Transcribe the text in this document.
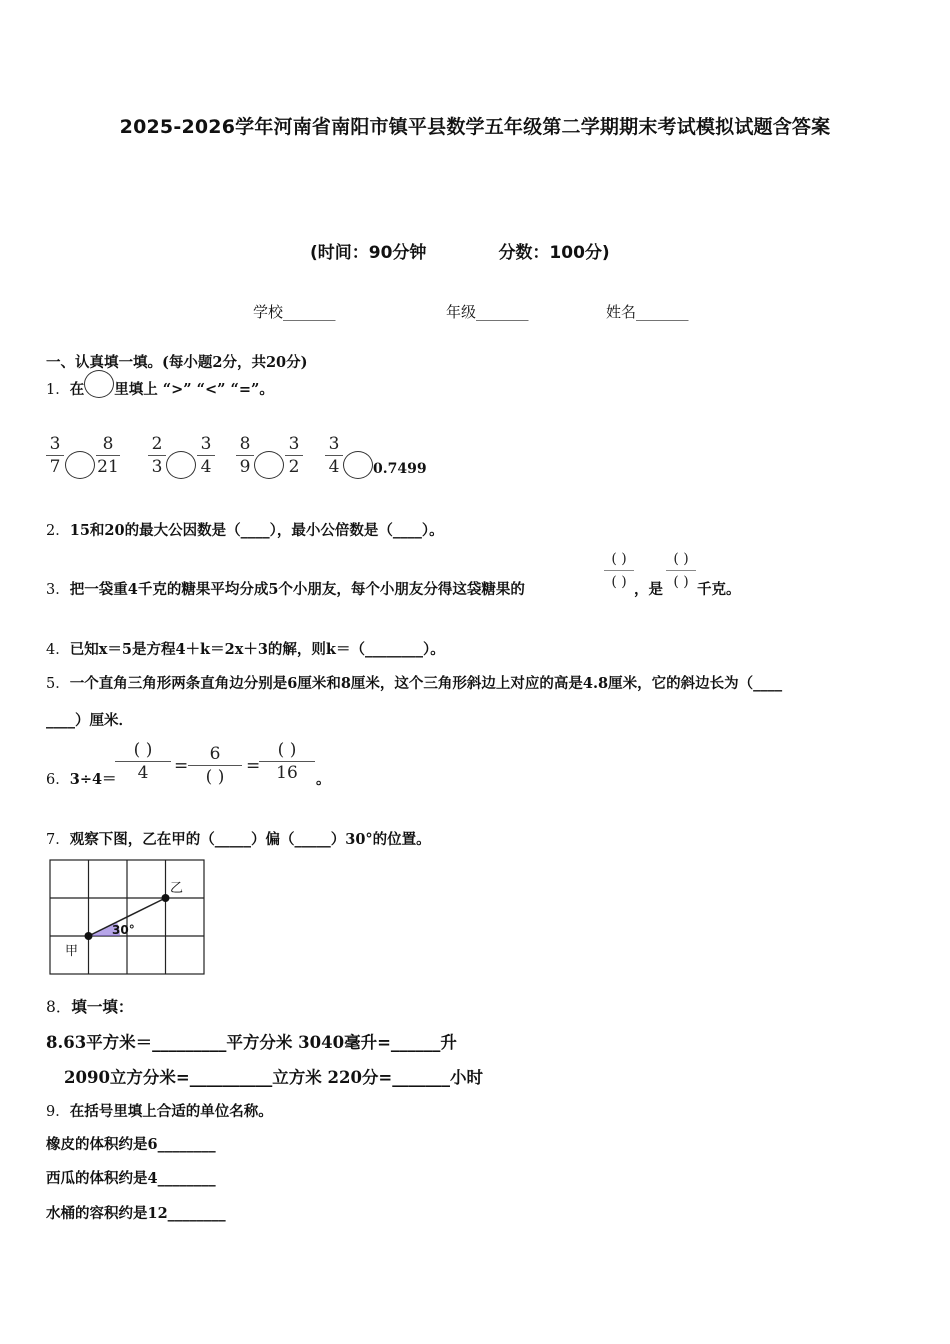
2025-2026学年河南省南阳市镇平县数学五年级第二学期期末考试模拟试题含答案
(时间：90分钟	分数：100分)
学校_______	年级_______	姓名_______
一、认真填一填。(每小题2分，共20分)
1．在 里填上 “>” “<” “=”。
3
7
8
21
2
3
3
4
8
9
3
2
3
4 0.7499
2．15和20的最大公因数是（____），最小公倍数是（____）。
3．把一袋重4千克的糖果平均分成5个小朋友，每个小朋友分得这袋糖果的
( )
( ) ，是
( )
( ) 千克。
4．已知x＝5是方程4＋k＝2x＋3的解，则k＝（________）。
5．一个直角三角形两条直角边分别是6厘米和8厘米，这个三角形斜边上对应的高是4.8厘米，它的斜边长为（____
____）厘米．
6．3÷4＝
( )
4	=
6
( )
=
( )
16	。
7．观察下图，乙在甲的（_____）偏（_____）30°的位置。
30°
甲
乙
8．填一填：
8.63平方米＝_________平方分米 3040毫升=______升
2090立方分米=__________立方米 220分=_______小时
9．在括号里填上合适的单位名称。
橡皮的体积约是6________
西瓜的体积约是4________
水桶的容积约是12________
